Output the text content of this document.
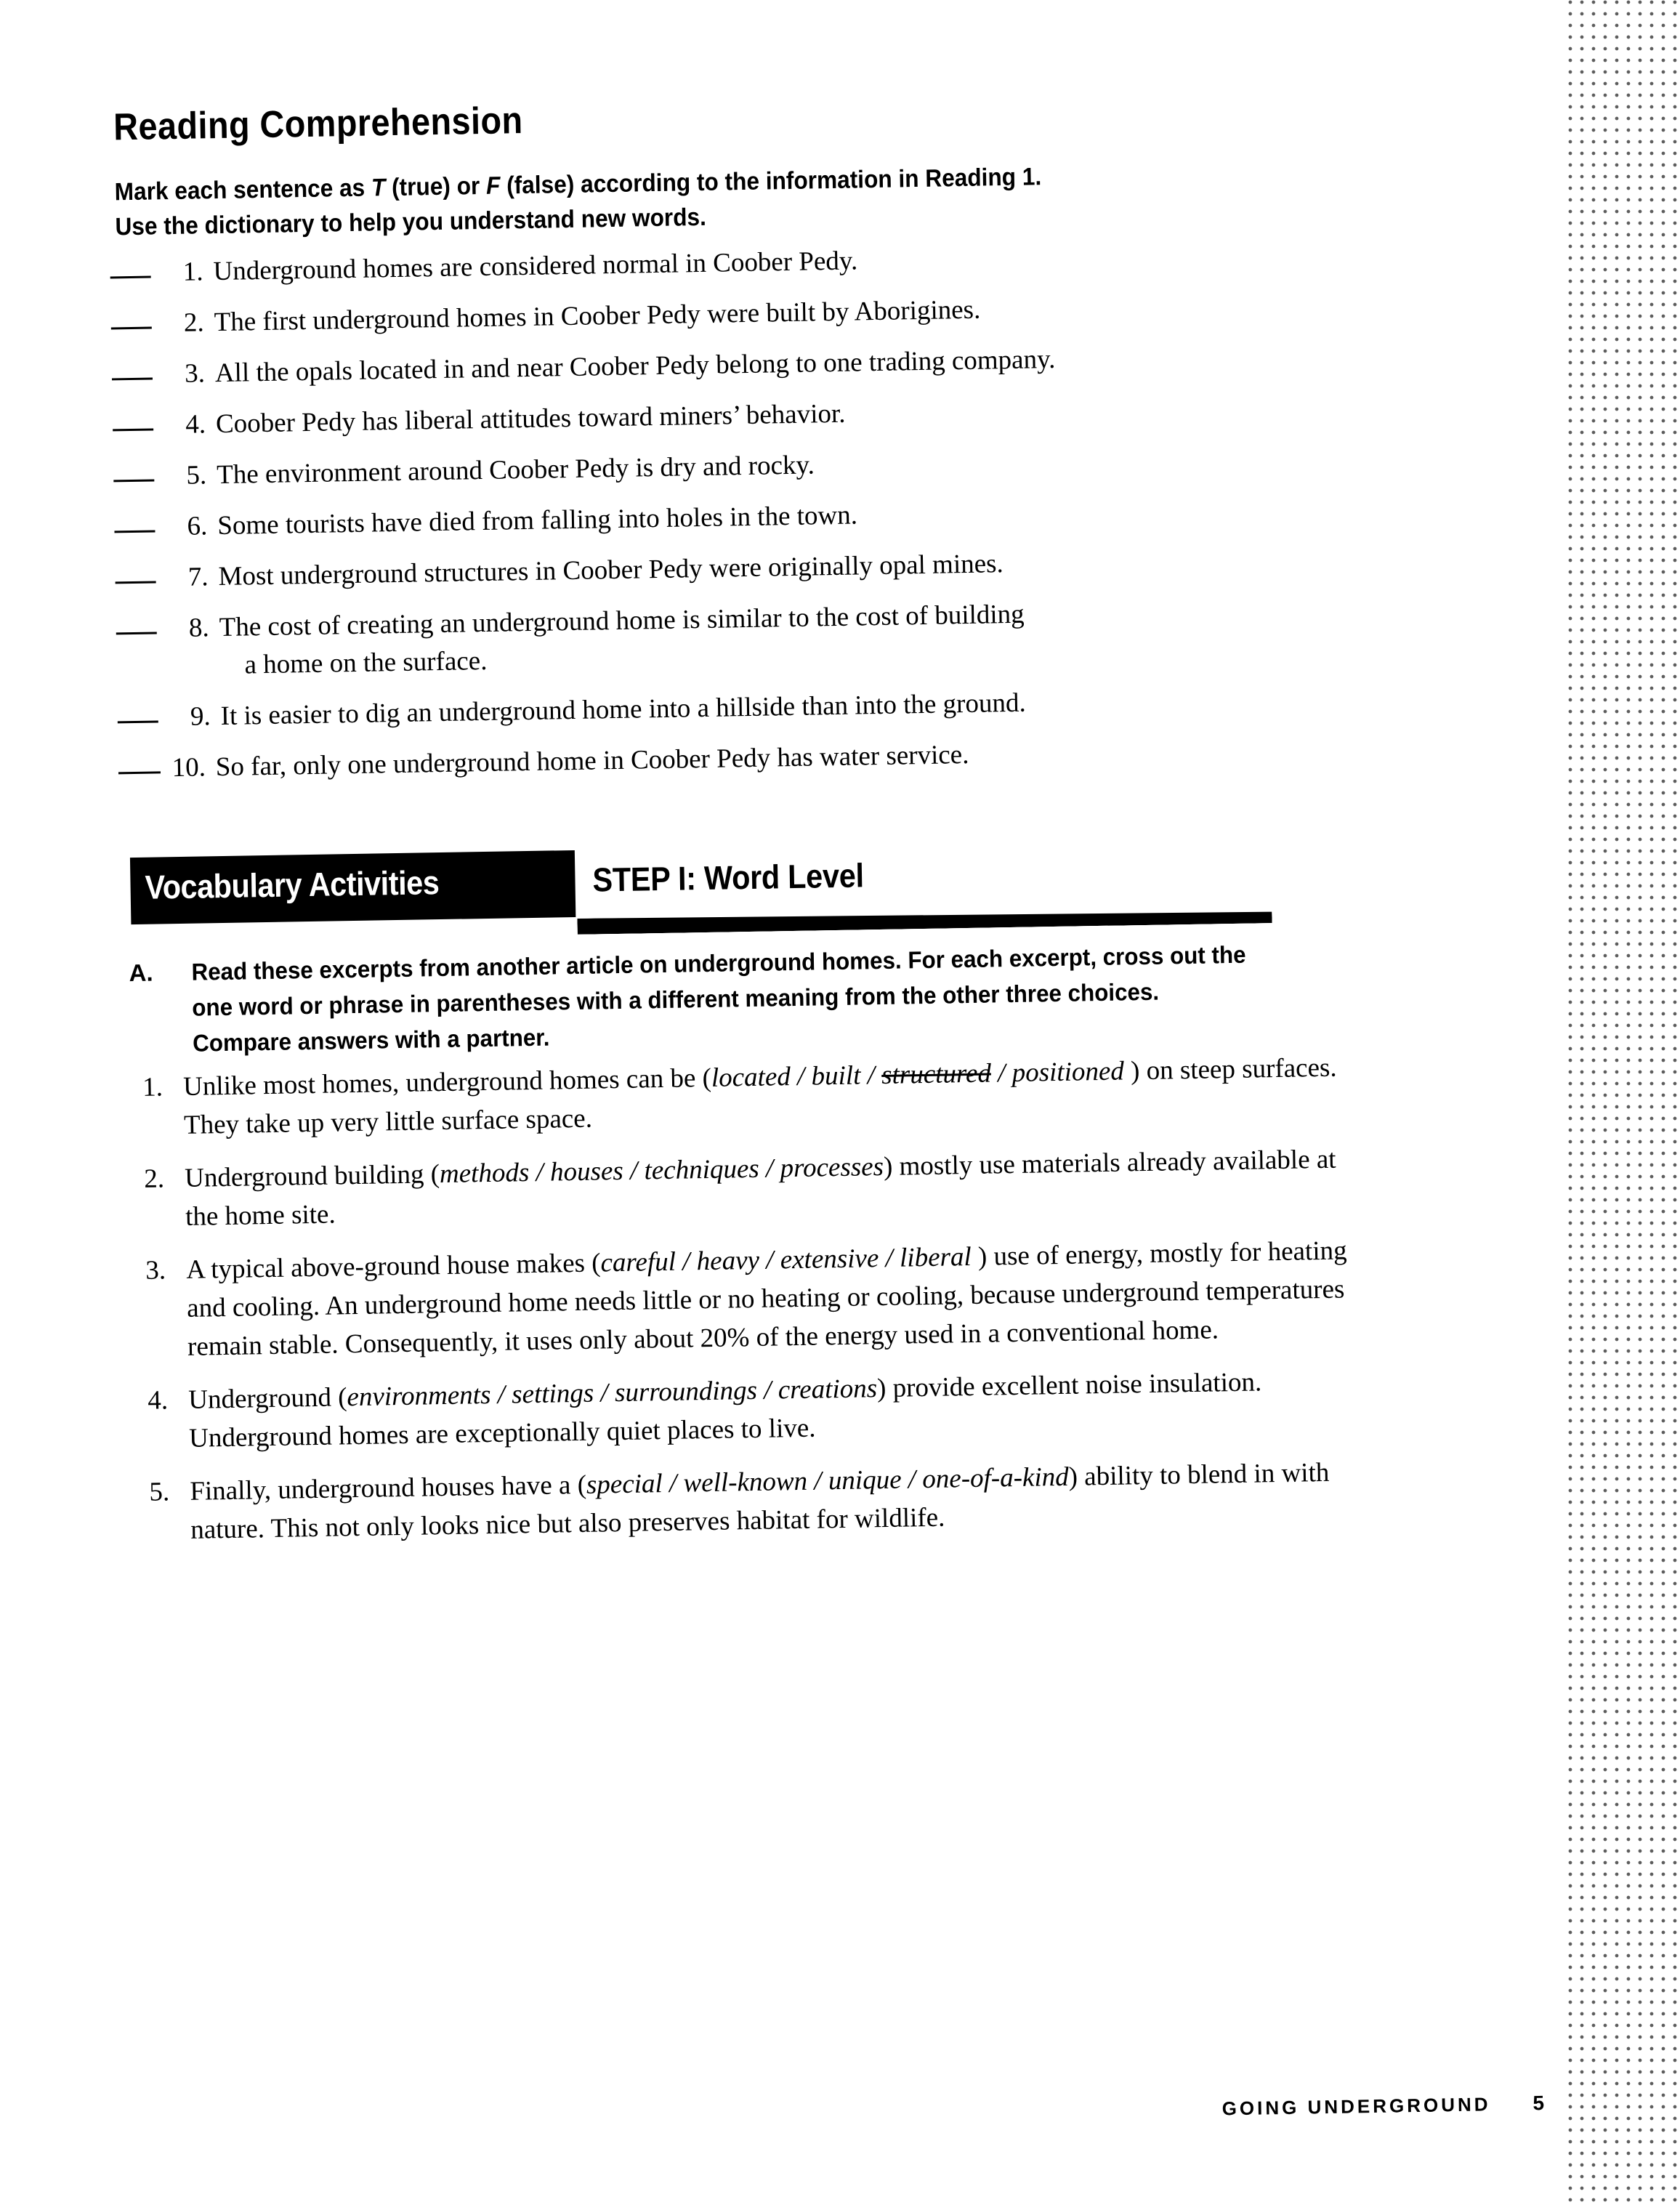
Reading Comprehension
Mark each sentence as T (true) or F (false) according to the information in Reading 1.
Use the dictionary to help you understand new words.
1. Underground homes are considered normal in Coober Pedy.
2. The first underground homes in Coober Pedy were built by Aborigines.
3. All the opals located in and near Coober Pedy belong to one trading company.
4. Coober Pedy has liberal attitudes toward miners’ behavior.
5. The environment around Coober Pedy is dry and rocky.
6. Some tourists have died from falling into holes in the town.
7. Most underground structures in Coober Pedy were originally opal mines.
8. The cost of creating an underground home is similar to the cost of building
a home on the surface.
9. It is easier to dig an underground home into a hillside than into the ground.
10. So far, only one underground home in Coober Pedy has water service.
Vocabulary Activities	STEP I: Word Level
A.	Read these excerpts from another article on underground homes. For each excerpt, cross out the one word or phrase in parentheses with a different meaning from the other three choices. Compare answers with a partner.
1. Unlike most homes, underground homes can be (located / built / structured / positioned ) on steep surfaces. They take up very little surface space.
2. Underground building (methods / houses / techniques / processes) mostly use materials already available at the home site.
3. A typical above-ground house makes (careful / heavy / extensive / liberal ) use of energy, mostly for heating and cooling. An underground home needs little or no heating or cooling, because underground temperatures remain stable. Consequently, it uses only about 20% of the energy used in a conventional home.
4. Underground (environments / settings / surroundings / creations) provide excellent noise insulation. Underground homes are exceptionally quiet places to live.
5. Finally, underground houses have a (special / well-known / unique / one-of-a-kind) ability to blend in with nature. This not only looks nice but also preserves habitat for wildlife.
GOING UNDERGROUND 5
